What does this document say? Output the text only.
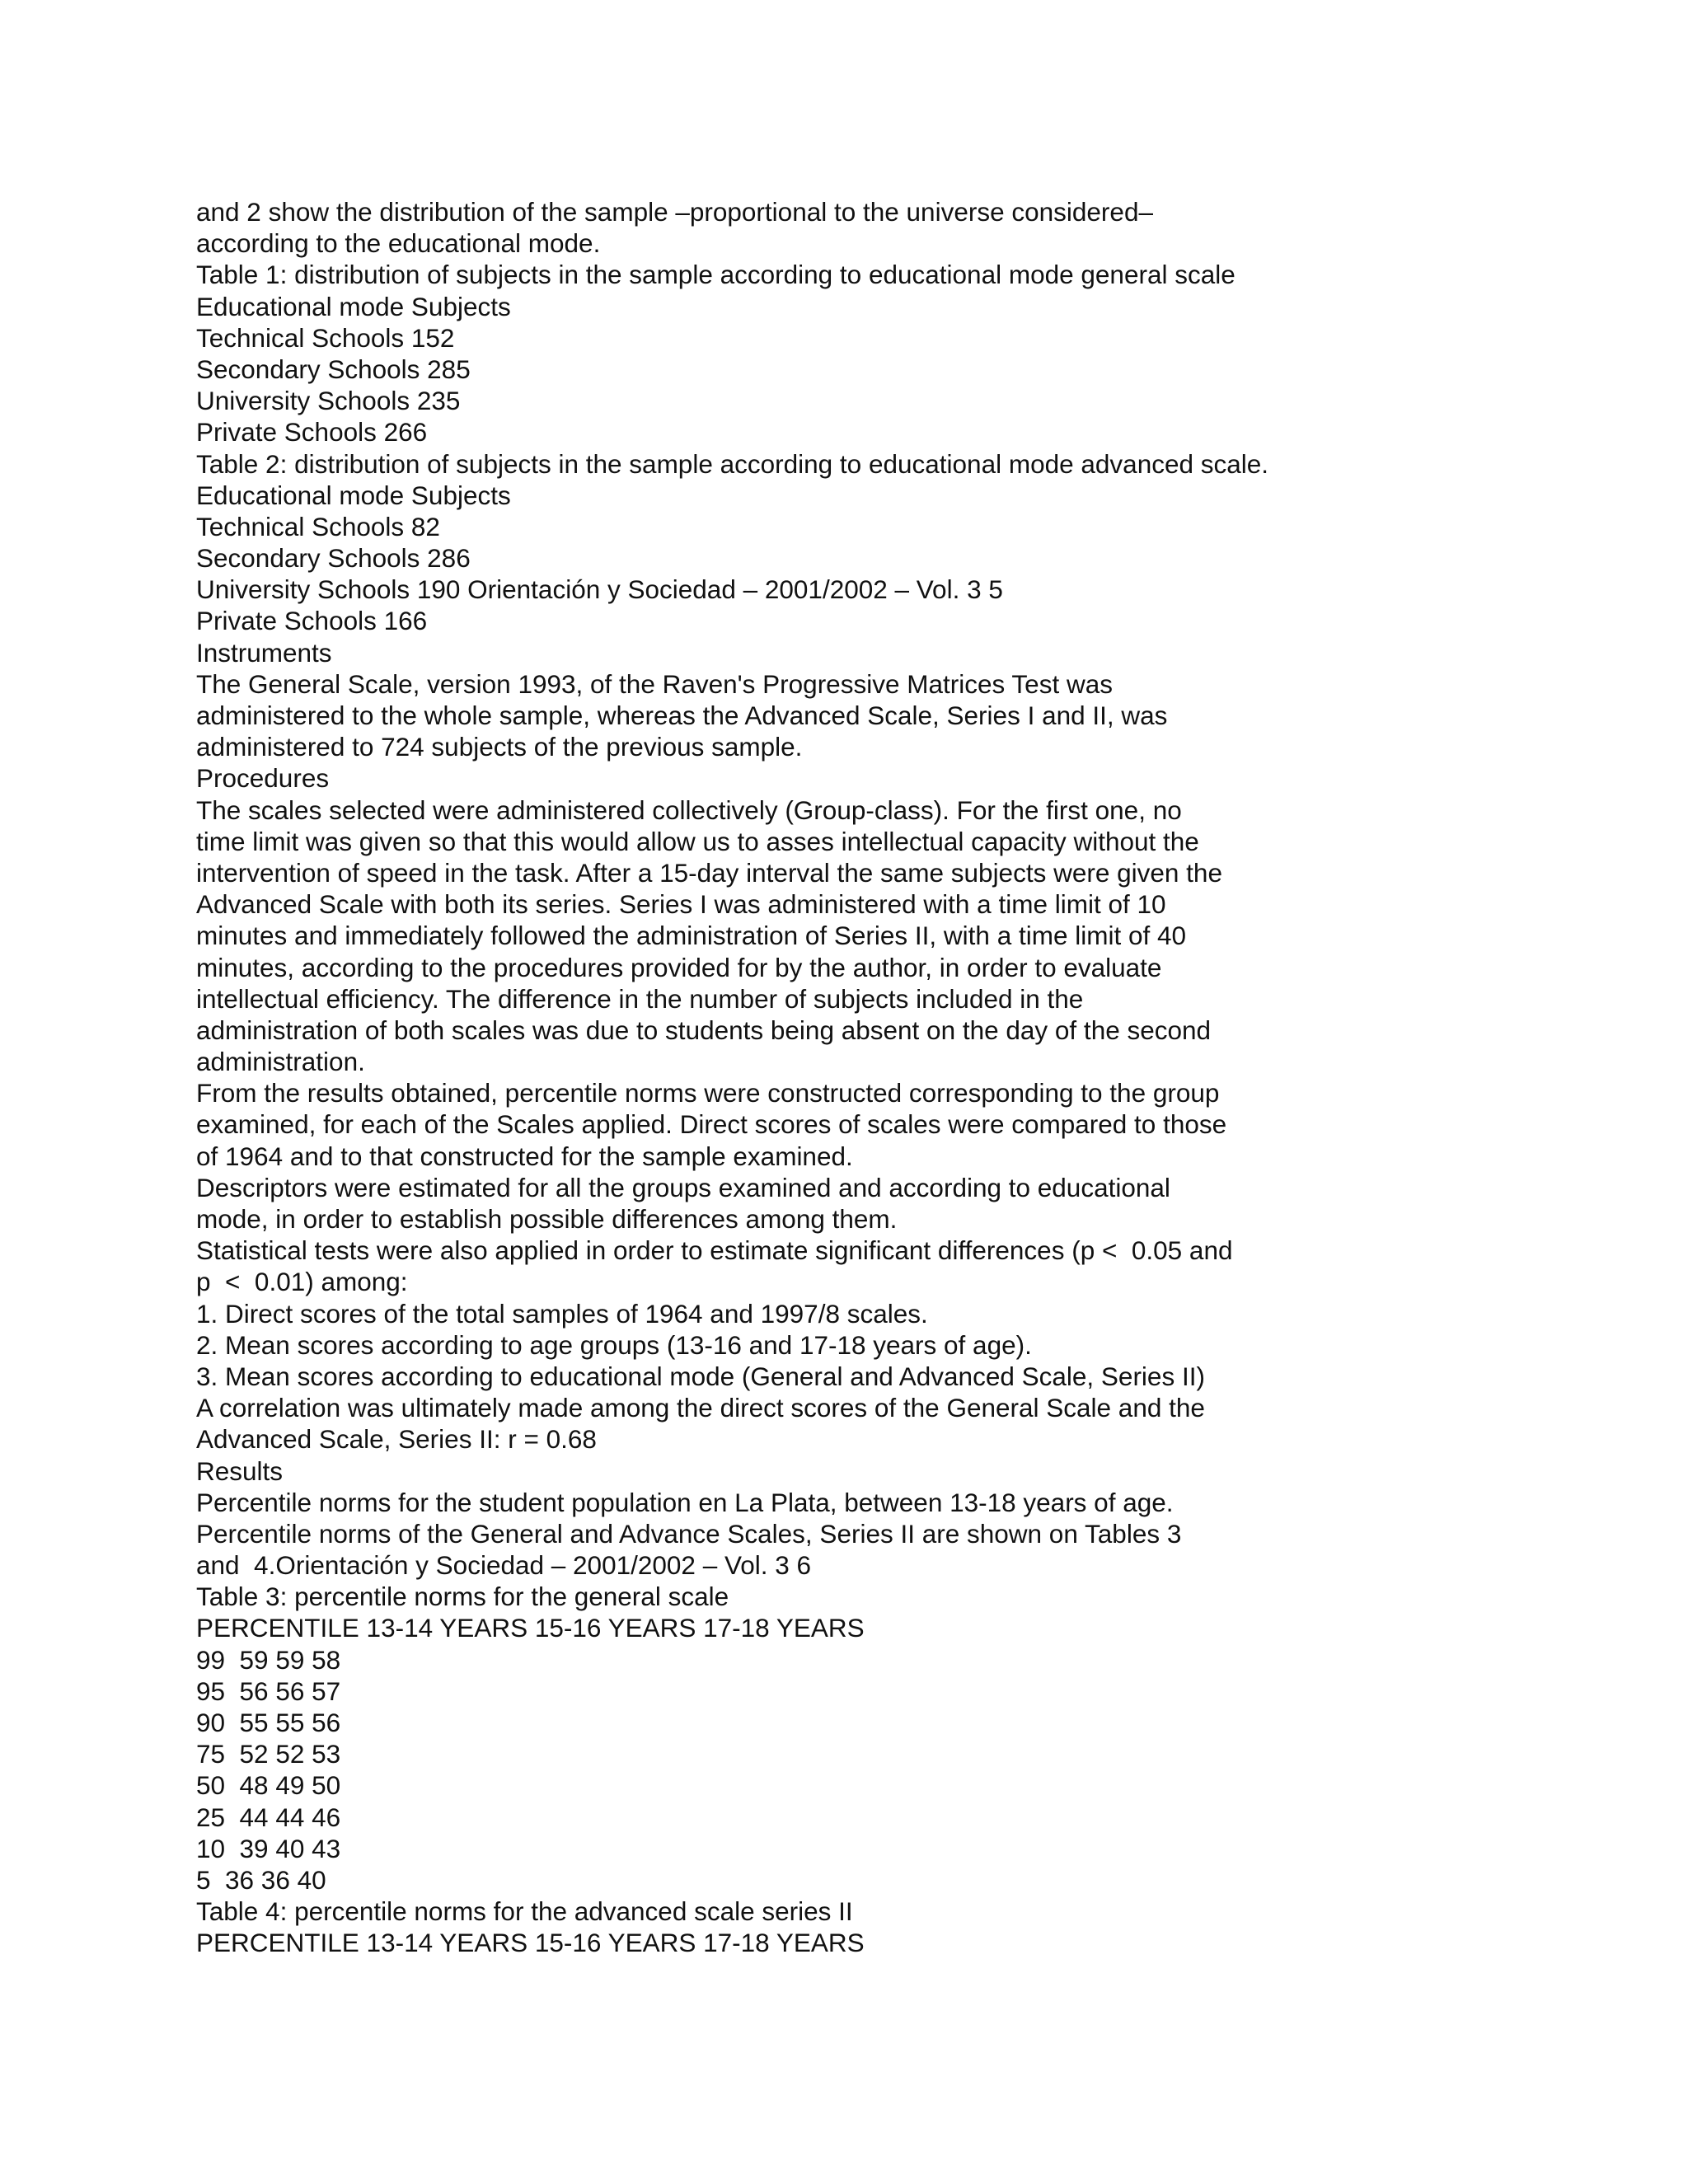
and 2 show the distribution of the sample –proportional to the universe considered–
according to the educational mode.
Table 1: distribution of subjects in the sample according to educational mode general scale
Educational mode Subjects
Technical Schools 152
Secondary Schools 285
University Schools 235
Private Schools 266
Table 2: distribution of subjects in the sample according to educational mode advanced scale.
Educational mode Subjects
Technical Schools 82
Secondary Schools 286
University Schools 190 Orientación y Sociedad – 2001/2002 – Vol. 3 5
Private Schools 166
Instruments
The General Scale, version 1993, of the Raven's Progressive Matrices Test was
administered to the whole sample, whereas the Advanced Scale, Series I and II, was
administered to 724 subjects of the previous sample.
Procedures
The scales selected were administered collectively (Group-class). For the first one, no
time limit was given so that this would allow us to asses intellectual capacity without the
intervention of speed in the task. After a 15-day interval the same subjects were given the
Advanced Scale with both its series. Series I was administered with a time limit of 10
minutes and immediately followed the administration of Series II, with a time limit of 40
minutes, according to the procedures provided for by the author, in order to evaluate
intellectual efficiency. The difference in the number of subjects included in the
administration of both scales was due to students being absent on the day of the second
administration.
From the results obtained, percentile norms were constructed corresponding to the group
examined, for each of the Scales applied. Direct scores of scales were compared to those
of 1964 and to that constructed for the sample examined.
Descriptors were estimated for all the groups examined and according to educational
mode, in order to establish possible differences among them.
Statistical tests were also applied in order to estimate significant differences (p <  0.05 and
p  <  0.01) among:
1. Direct scores of the total samples of 1964 and 1997/8 scales.
2. Mean scores according to age groups (13-16 and 17-18 years of age).
3. Mean scores according to educational mode (General and Advanced Scale, Series II)
A correlation was ultimately made among the direct scores of the General Scale and the
Advanced Scale, Series II: r = 0.68
Results
Percentile norms for the student population en La Plata, between 13-18 years of age.
Percentile norms of the General and Advance Scales, Series II are shown on Tables 3
and  4.Orientación y Sociedad – 2001/2002 – Vol. 3 6
Table 3: percentile norms for the general scale
PERCENTILE 13-14 YEARS 15-16 YEARS 17-18 YEARS
99  59 59 58
95  56 56 57
90  55 55 56
75  52 52 53
50  48 49 50
25  44 44 46
10  39 40 43
5  36 36 40
Table 4: percentile norms for the advanced scale series II
PERCENTILE 13-14 YEARS 15-16 YEARS 17-18 YEARS
